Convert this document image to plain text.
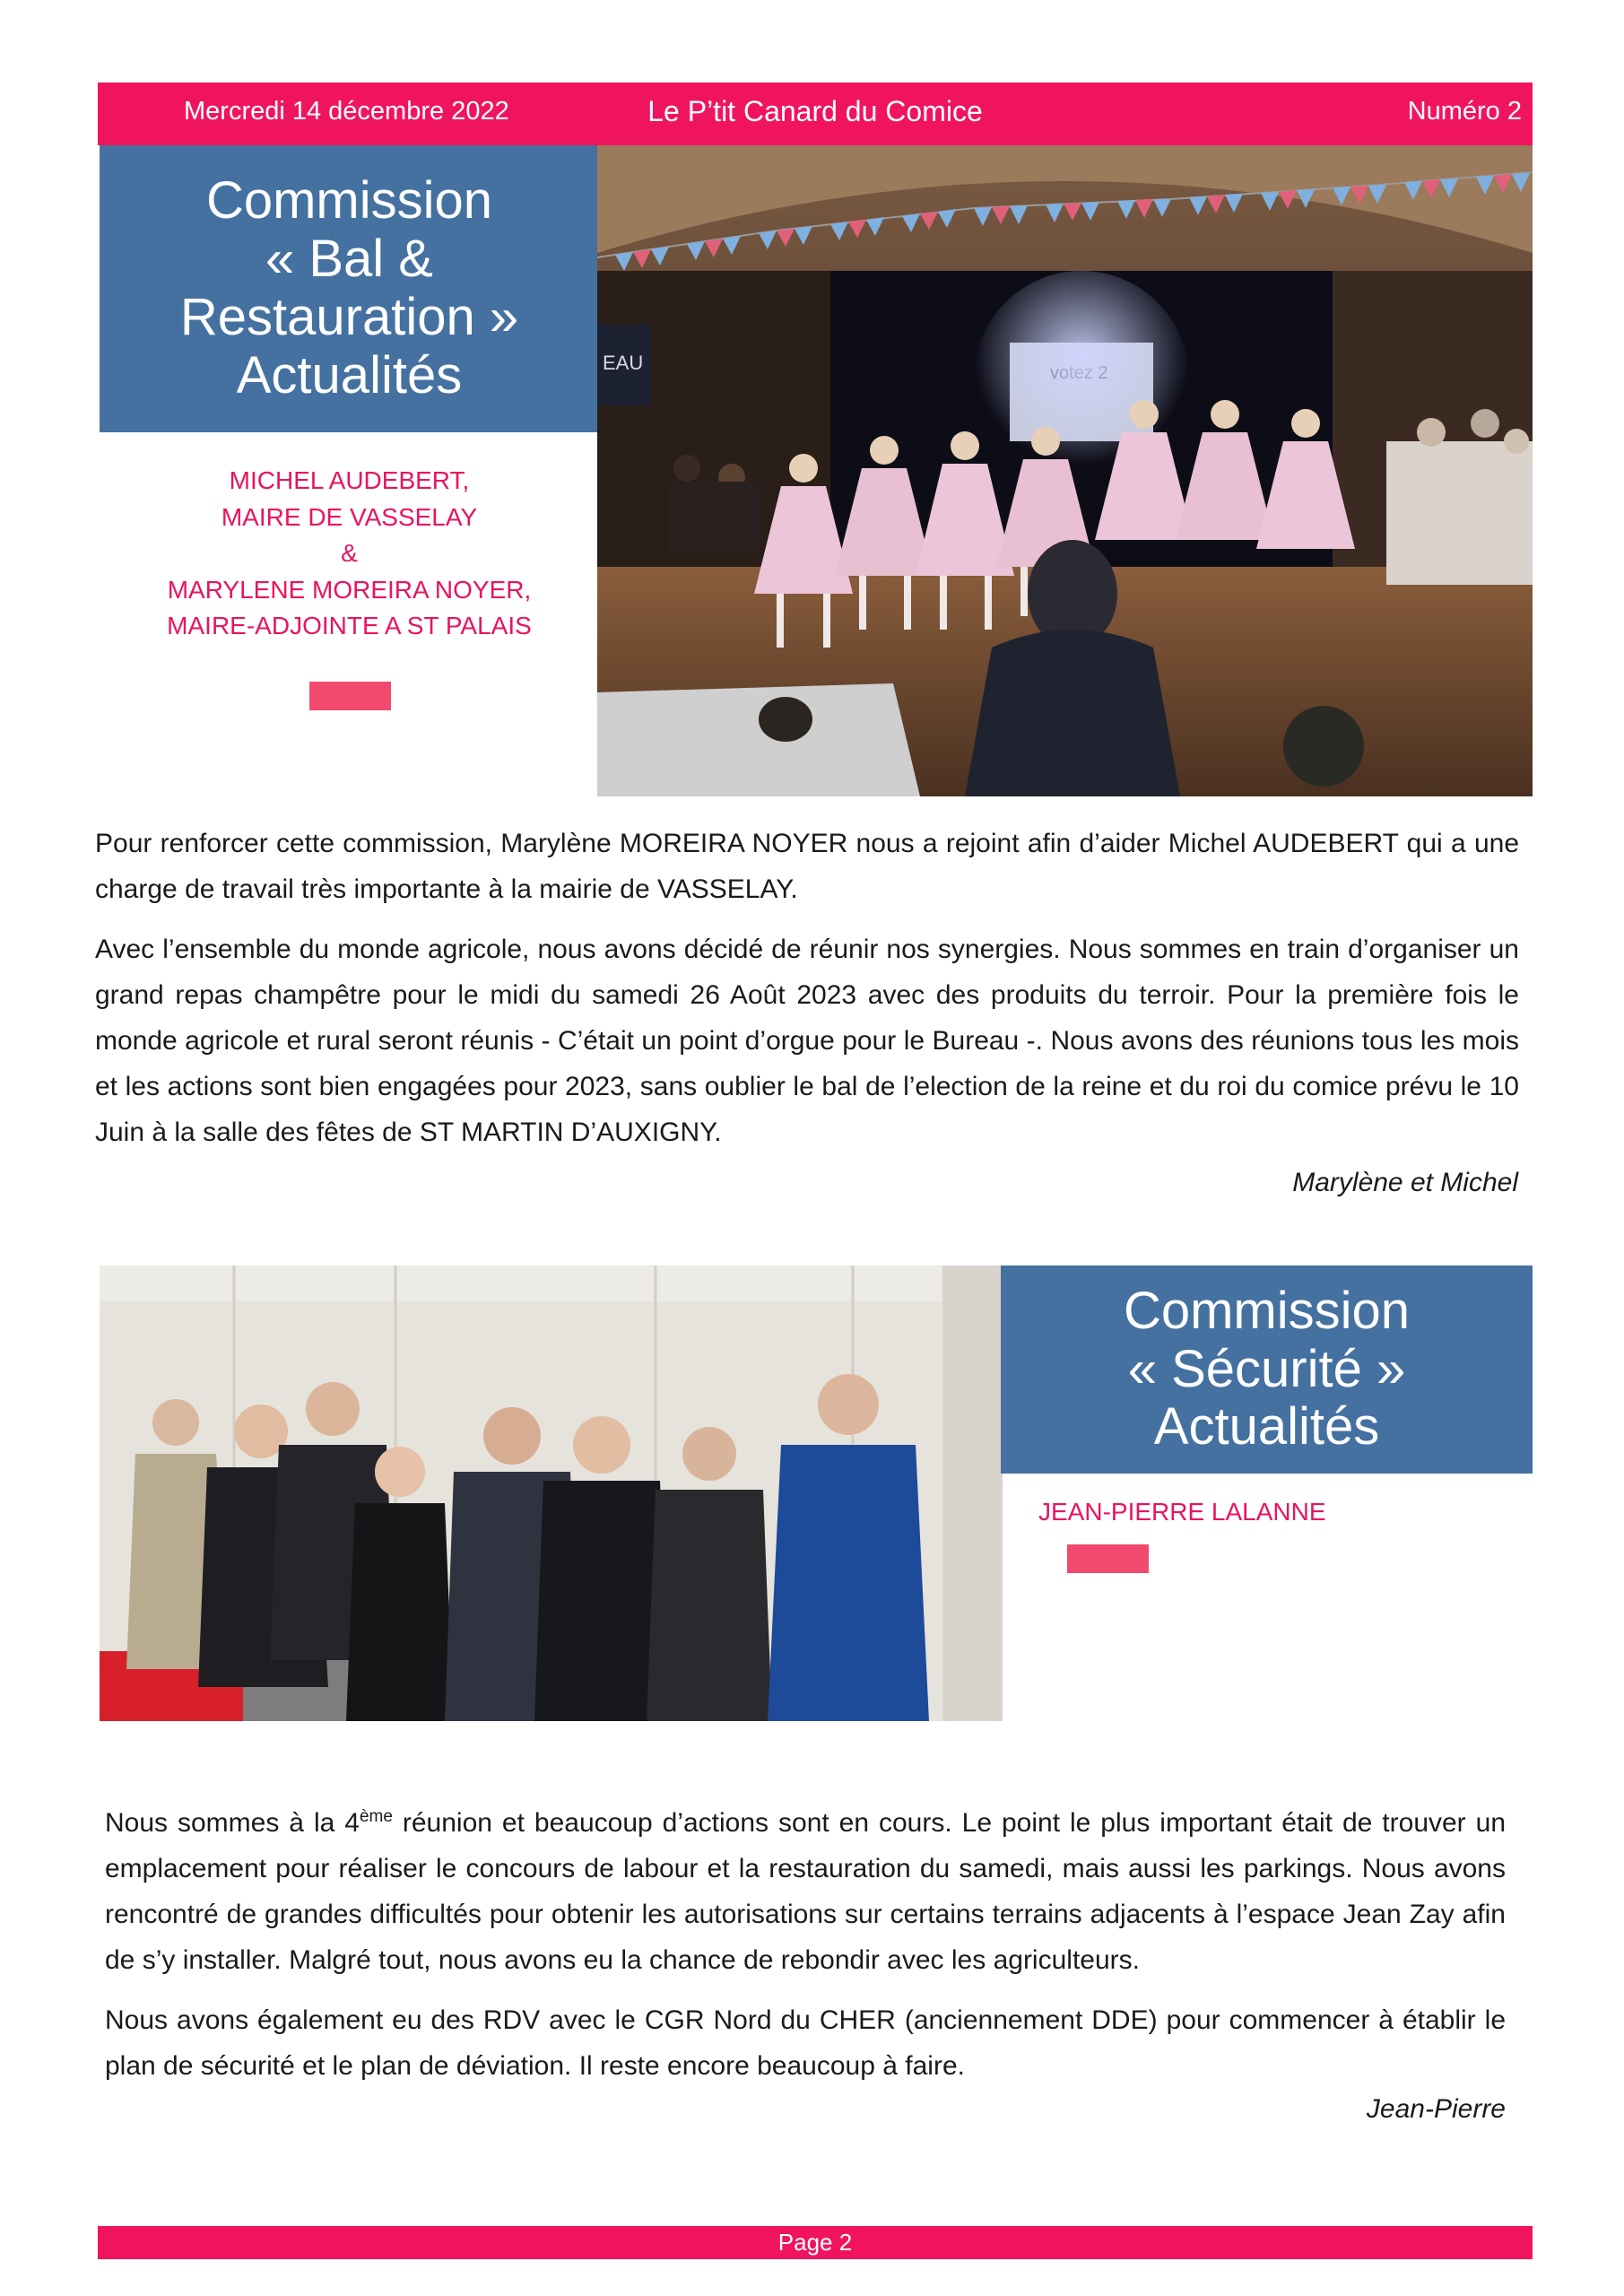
Mercredi 14 décembre 2022	Le P’tit Canard du Comice	Numéro 2
Commission
« Bal &
Restauration »
Actualités
MICHEL AUDEBERT,
MAIRE DE VASSELAY
&
MARYLENE MOREIRA NOYER,
MAIRE-ADJOINTE A ST PALAIS
EAU

Pour renforcer cette commission, Marylène MOREIRA NOYER nous a rejoint afin d’aider Michel AUDEBERT qui a une charge de travail très importante à la mairie de VASSELAY.

Avec l’ensemble du monde agricole, nous avons décidé de réunir nos synergies. Nous sommes en train d’organiser un grand repas champêtre pour le midi du samedi 26 Août 2023 avec des produits du terroir. Pour la première fois le monde agricole et rural seront réunis - C’était un point d’orgue pour le Bureau -. Nous avons des réunions tous les mois et les actions sont bien engagées pour 2023, sans oublier le bal de l’election de la reine et du roi du comice prévu le 10 Juin à la salle des fêtes de ST MARTIN D’AUXIGNY.

Marylène et Michel
Commission
« Sécurité »
Actualités
JEAN-PIERRE LALANNE

Nous sommes à la 4ème réunion et beaucoup d’actions sont en cours. Le point le plus important était de trouver un emplacement pour réaliser le concours de labour et la restauration du samedi, mais aussi les parkings. Nous avons rencontré de grandes difficultés pour obtenir les autorisations sur certains terrains adjacents à l’espace Jean Zay afin de s’y installer. Malgré tout, nous avons eu la chance de rebondir avec les agriculteurs.

Nous avons également eu des RDV avec le CGR Nord du CHER (anciennement DDE) pour commencer à établir le plan de sécurité et le plan de déviation. Il reste encore beaucoup à faire.

Jean-Pierre
Page 2
